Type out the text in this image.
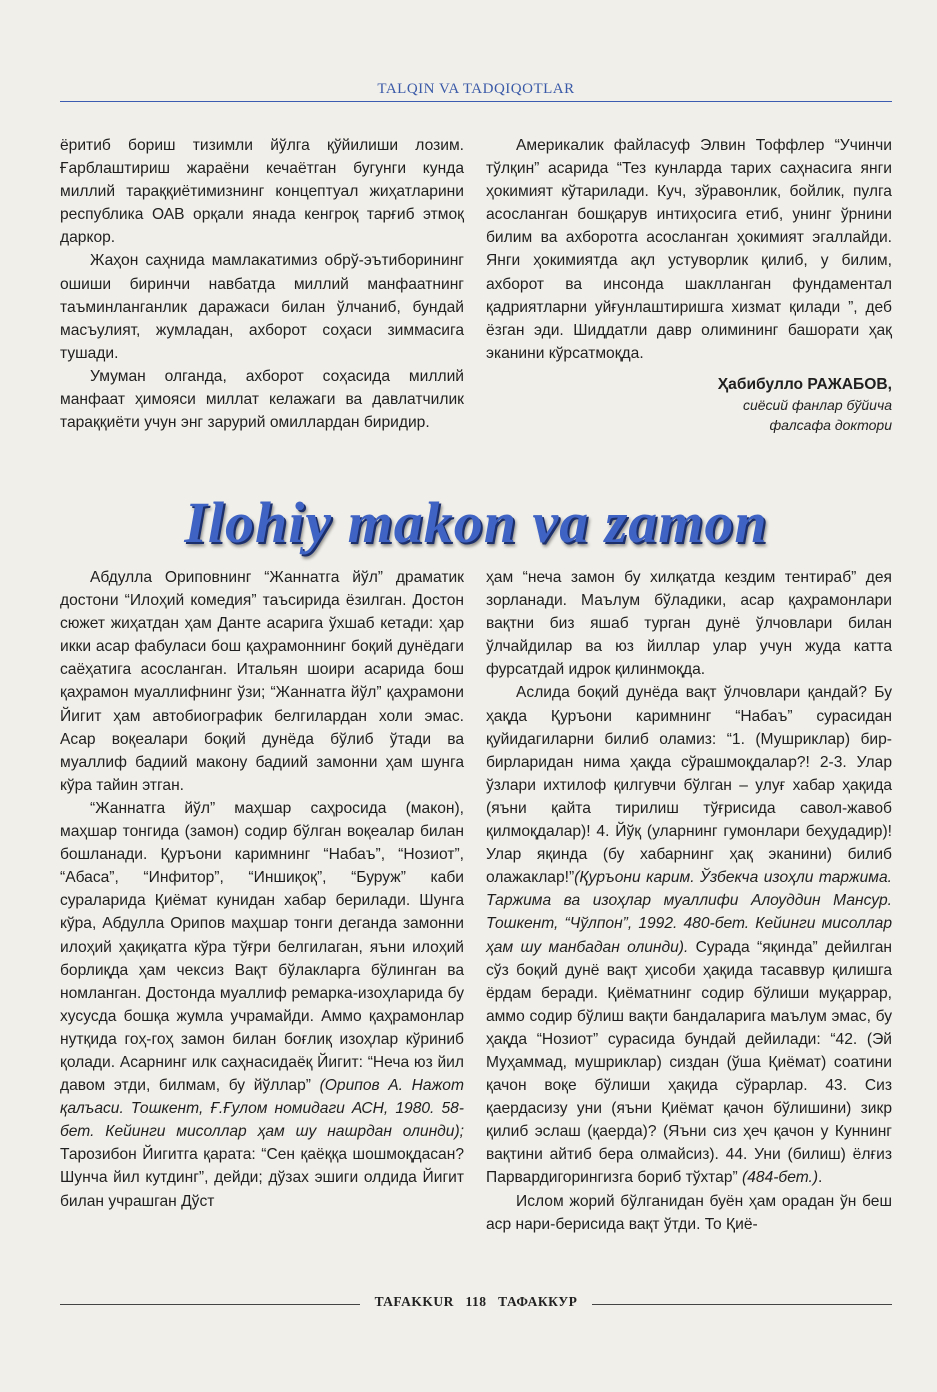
TALQIN VA TADQIQOTLAR

ёритиб бориш тизимли йўлга қўйилиши лозим. Ғарблаштириш жараёни кечаётган бугунги кунда миллий тараққиётимизнинг концептуал жиҳатларини республика ОАВ орқали янада кенгроқ тарғиб этмоқ даркор.

Жаҳон саҳнида мамлакатимиз обрў-эътиборининг ошиши биринчи навбатда миллий манфаатнинг таъминланганлик даражаси билан ўлчаниб, бундай масъулият, жумладан, ахборот соҳаси зиммасига тушади.

Умуман олганда, ахборот соҳасида миллий манфаат ҳимояси миллат келажаги ва давлатчилик тараққиёти учун энг зарурий омиллардан биридир.

Америкалик файласуф Элвин Тоффлер “Учинчи тўлқин” асарида “Тез кунларда тарих саҳнасига янги ҳокимият кўтарилади. Куч, зўравонлик, бойлик, пулга асосланган бошқарув интиҳосига етиб, унинг ўрнини билим ва ахборотга асосланган ҳокимият эгаллайди. Янги ҳокимиятда ақл устуворлик қилиб, у билим, ахборот ва инсонда шаклланган фундаментал қадриятларни уйғунлаштиришга хизмат қилади ”, деб ёзган эди. Шиддатли давр олимининг башорати ҳақ эканини кўрсатмоқда.

Ҳабибулло РАЖАБОВ,
сиёсий фанлар бўйича
фалсафа доктори
Ilohiy makon va zamon

Абдулла Ориповнинг “Жаннатга йўл” драматик достони “Илоҳий комедия” таъсирида ёзилган. Достон сюжет жиҳатдан ҳам Данте асарига ўхшаб кетади: ҳар икки асар фабуласи бош қаҳрамоннинг боқий дунёдаги саёҳатига асосланган. Итальян шоири асарида бош қаҳрамон муаллифнинг ўзи; “Жаннатга йўл” қаҳрамони Йигит ҳам автобиографик белгилардан холи эмас. Асар воқеалари боқий дунёда бўлиб ўтади ва муаллиф бадиий макону бадиий замонни ҳам шунга кўра тайин этган.

“Жаннатга йўл” маҳшар саҳросида (макон), маҳшар тонгида (замон) содир бўлган воқеалар билан бошланади. Қуръони каримнинг “Набаъ”, “Нозиот”, “Абаса”, “Инфитор”, “Иншиқоқ”, “Буруж” каби сураларида Қиёмат кунидан хабар берилади. Шунга кўра, Абдулла Орипов маҳшар тонги деганда замонни илоҳий ҳақиқатга кўра тўғри белгилаган, яъни илоҳий борлиқда ҳам чексиз Вақт бўлакларга бўлинган ва номланган. Достонда муаллиф ремарка-изоҳларида бу хусусда бошқа жумла учрамайди. Аммо қаҳрамонлар нутқида гоҳ-гоҳ замон билан боғлиқ изоҳлар кўриниб қолади. Асарнинг илк саҳнасидаёқ Йигит: “Неча юз йил давом этди, билмам, бу йўллар” (Орипов А. Нажот қалъаси. Тошкент, Ғ.Ғулом номидаги АСН, 1980. 58-бет. Кейинги мисоллар ҳам шу нашрдан олинди); Тарозибон Йигитга қарата: “Сен қаёққа шошмоқдасан? Шунча йил кутдинг”, дейди; дўзах эшиги олдида Йигит билан учрашган Дўст

ҳам “неча замон бу хилқатда кездим тентираб” дея зорланади. Маълум бўладики, асар қаҳрамонлари вақтни биз яшаб турган дунё ўлчовлари билан ўлчайдилар ва юз йиллар улар учун жуда катта фурсатдай идрок қилинмоқда.

Аслида боқий дунёда вақт ўлчовлари қандай? Бу ҳақда Қуръони каримнинг “Набаъ” сурасидан қуйидагиларни билиб оламиз: “1. (Мушриклар) бир-бирларидан нима ҳақда сўрашмоқдалар?! 2-3. Улар ўзлари ихтилоф қилгувчи бўлган – улуғ хабар ҳақида (яъни қайта тирилиш тўғрисида савол-жавоб қилмоқдалар)! 4. Йўқ (уларнинг гумонлари беҳудадир)! Улар яқинда (бу хабарнинг ҳақ эканини) билиб олажаклар!”(Қуръони карим. Ўзбекча изоҳли таржима. Таржима ва изоҳлар муаллифи Алоуддин Мансур. Тошкент, “Чўлпон”, 1992. 480-бет. Кейинги мисоллар ҳам шу манбадан олинди). Сурада “яқинда” дейилган сўз боқий дунё вақт ҳисоби ҳақида тасаввур қилишга ёрдам беради. Қиёматнинг содир бўлиши муқаррар, аммо содир бўлиш вақти бандаларига маълум эмас, бу ҳақда “Нозиот” сурасида бундай дейилади: “42. (Эй Муҳаммад, мушриклар) сиздан (ўша Қиёмат) соатини қачон воқе бўлиши ҳақида сўрарлар. 43. Сиз қаердасизу уни (яъни Қиёмат қачон бўлишини) зикр қилиб эслаш (қаерда)? (Яъни сиз ҳеч қачон у Куннинг вақтини айтиб бера олмайсиз). 44. Уни (билиш) ёлғиз Парвардигорингизга бориб тўхтар” (484-бет.).

Ислом жорий бўлганидан буён ҳам орадан ўн беш аср нари-берисида вақт ўтди. То Қиё-

TAFAKKUR 118 ТАФАККУР
